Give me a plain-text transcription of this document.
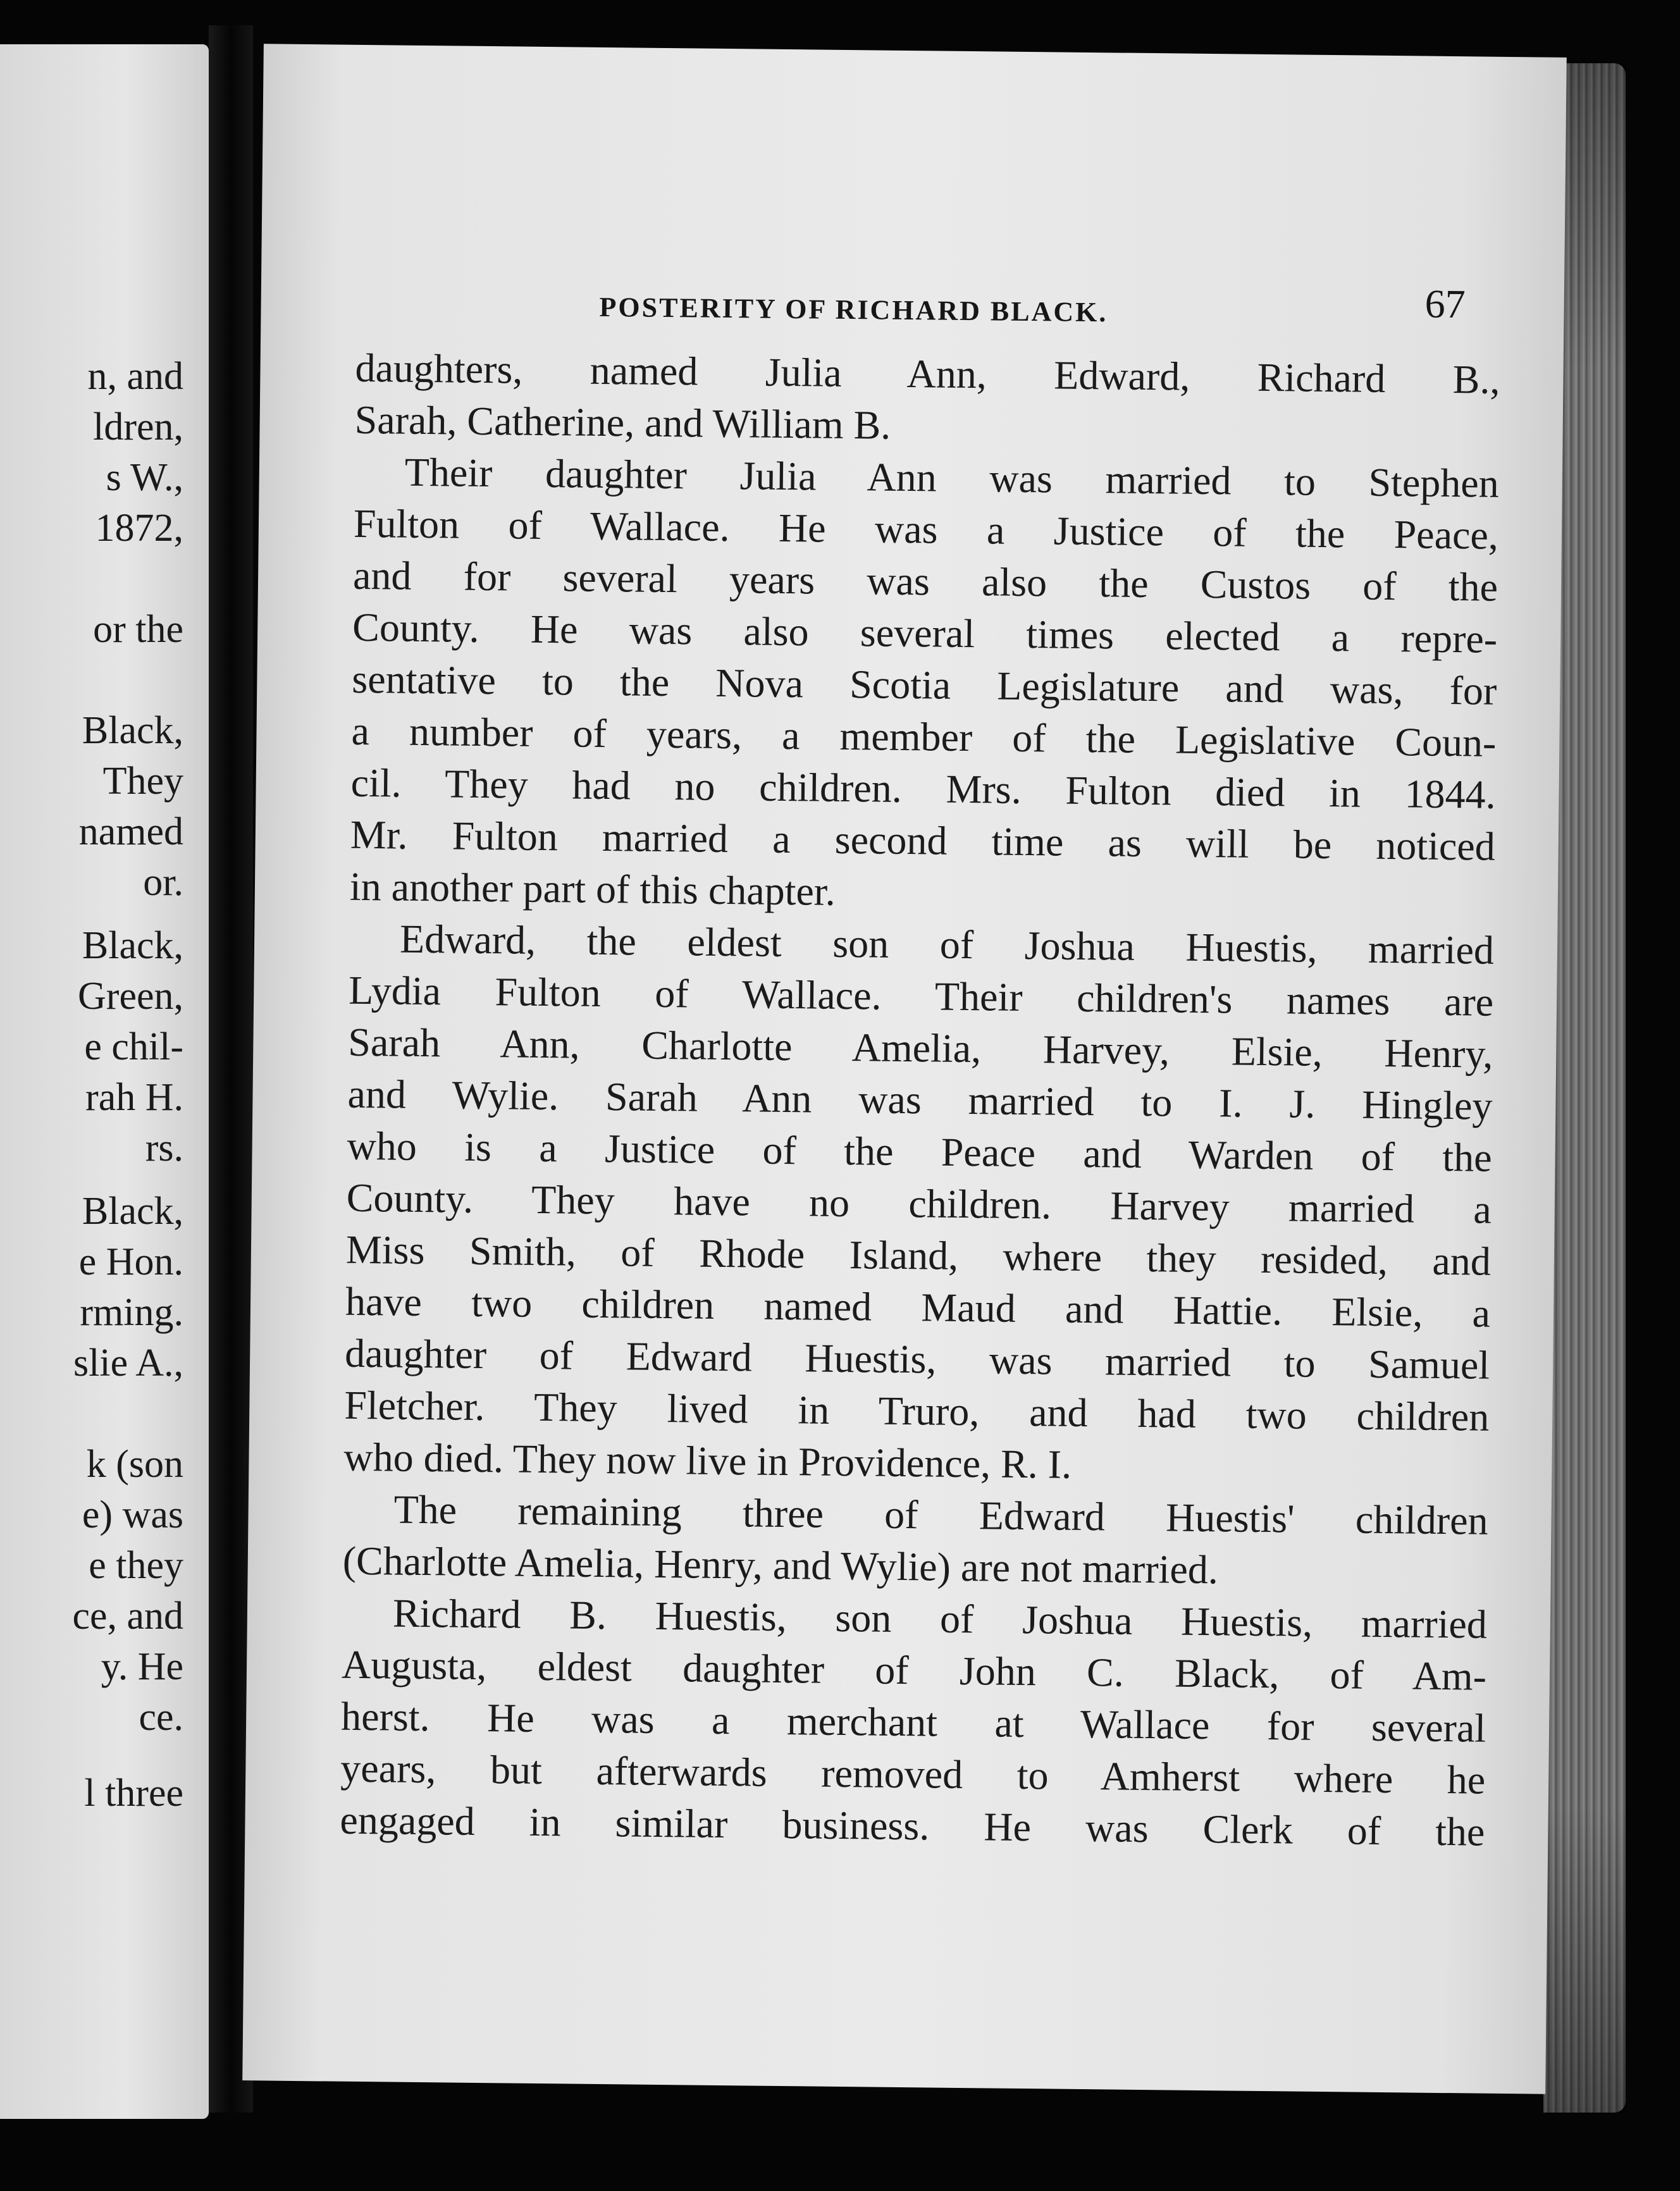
n, and
ldren,
s W.,
1872,
or the
Black,
They
named
or.
Black,
Green,
e chil-
rah H.
rs.
Black,
e Hon.
rming.
slie A.,
k (son
e) was
e they
ce, and
y. He
ce.
l three
POSTERITY OF RICHARD BLACK.	67
daughters, named Julia Ann, Edward, Richard B.,
Sarah, Catherine, and William B.
Their daughter Julia Ann was married to Stephen
Fulton of Wallace. He was a Justice of the Peace,
and for several years was also the Custos of the
County. He was also several times elected a repre-
sentative to the Nova Scotia Legislature and was, for
a number of years, a member of the Legislative Coun-
cil. They had no children. Mrs. Fulton died in 1844.
Mr. Fulton married a second time as will be noticed
in another part of this chapter.
Edward, the eldest son of Joshua Huestis, married
Lydia Fulton of Wallace. Their children's names are
Sarah Ann, Charlotte Amelia, Harvey, Elsie, Henry,
and Wylie. Sarah Ann was married to I. J. Hingley
who is a Justice of the Peace and Warden of the
County. They have no children. Harvey married a
Miss Smith, of Rhode Island, where they resided, and
have two children named Maud and Hattie. Elsie, a
daughter of Edward Huestis, was married to Samuel
Fletcher. They lived in Truro, and had two children
who died. They now live in Providence, R. I.
The remaining three of Edward Huestis' children
(Charlotte Amelia, Henry, and Wylie) are not married.
Richard B. Huestis, son of Joshua Huestis, married
Augusta, eldest daughter of John C. Black, of Am-
herst. He was a merchant at Wallace for several
years, but afterwards removed to Amherst where he
engaged in similar business. He was Clerk of the
